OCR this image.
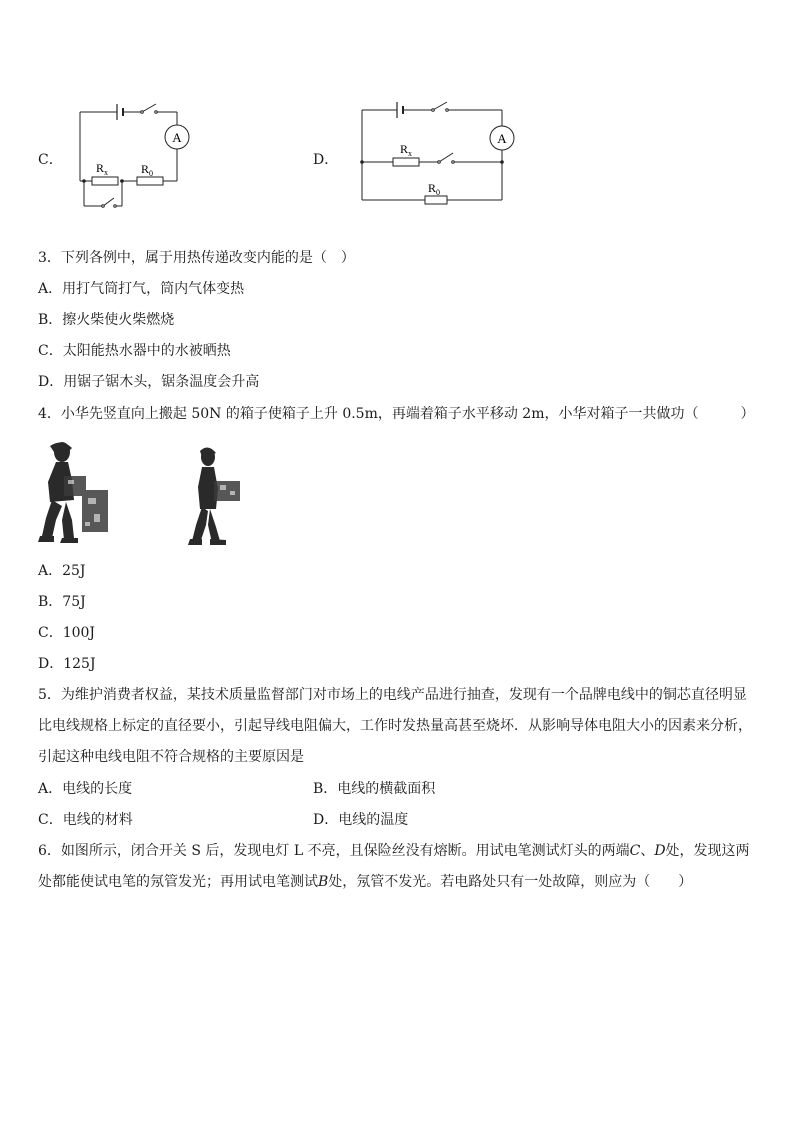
C．
A
$R_x$	$R_0$
D．
A
$R_x$
$R_0$
3．下列各例中，属于用热传递改变内能的是（　）
A．用打气筒打气，筒内气体变热
B．擦火柴使火柴燃烧
C．太阳能热水器中的水被晒热
D．用锯子锯木头，锯条温度会升高
4．小华先竖直向上搬起 50N 的箱子使箱子上升 0.5m，再端着箱子水平移动 2m，小华对箱子一共做功（　　　）
A．25J
B．75J
C．100J
D．125J
5．为维护消费者权益，某技术质量监督部门对市场上的电线产品进行抽查，发现有一个品牌电线中的铜芯直径明显比电线规格上标定的直径要小，引起导线电阻偏大，工作时发热量高甚至烧坏．从影响导体电阻大小的因素来分析，引起这种电线电阻不符合规格的主要原因是
A．电线的长度	B．电线的横截面积
C．电线的材料	D．电线的温度
6．如图所示，闭合开关 S 后，发现电灯 L 不亮，且保险丝没有熔断。用试电笔测试灯头的两端C、D处，发现这两处都能使试电笔的氖管发光；再用试电笔测试B处，氖管不发光。若电路处只有一处故障，则应为（　　）
